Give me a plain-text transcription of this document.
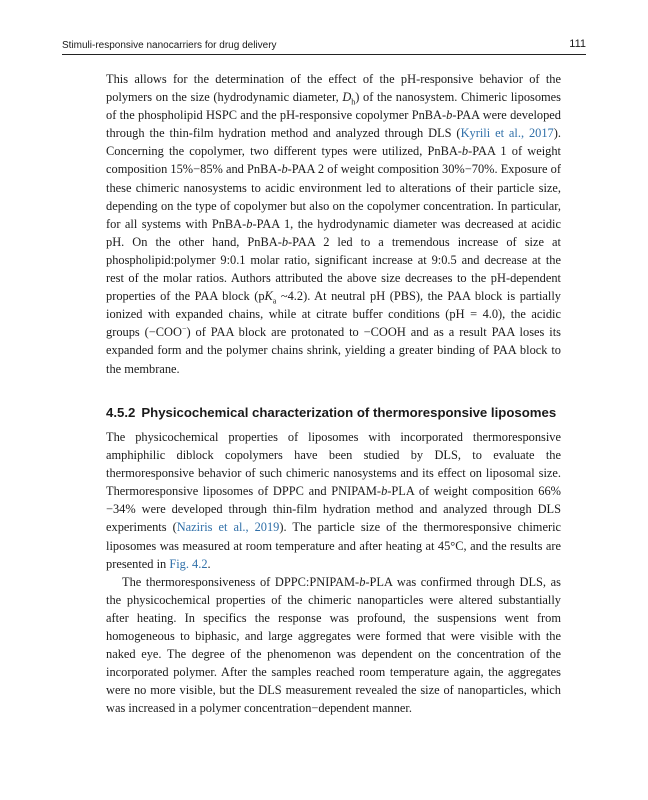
Stimuli-responsive nanocarriers for drug delivery	111

This allows for the determination of the effect of the pH-responsive behavior of the polymers on the size (hydrodynamic diameter, $D_h$) of the nanosystem. Chimeric liposomes of the phospholipid HSPC and the pH-responsive copolymer PnBA-b-PAA were developed through the thin-film hydration method and analyzed through DLS (Kyrili et al., 2017). Concerning the copolymer, two different types were utilized, PnBA-b-PAA 1 of weight composition 15%−85% and PnBA-b-PAA 2 of weight composition 30%−70%. Exposure of these chimeric nanosystems to acidic environment led to alterations of their particle size, depending on the type of copolymer but also on the copolymer concentration. In particular, for all systems with PnBA-b-PAA 1, the hydrodynamic diameter was decreased at acidic pH. On the other hand, PnBA-b-PAA 2 led to a tremendous increase of size at phospholipid:polymer 9:0.1 molar ratio, significant increase at 9:0.5 and decrease at the rest of the molar ratios. Authors attributed the above size decreases to the pH-dependent properties of the PAA block ($pK_a$ ~4.2). At neutral pH (PBS), the PAA block is partially ionized with expanded chains, while at citrate buffer conditions (pH = 4.0), the acidic groups (−COO−) of PAA block are protonated to −COOH and as a result PAA loses its expanded form and the polymer chains shrink, yielding a greater binding of PAA block to the membrane.

4.5.2 Physicochemical characterization of thermoresponsive liposomes

The physicochemical properties of liposomes with incorporated thermoresponsive amphiphilic diblock copolymers have been studied by DLS, to evaluate the thermoresponsive behavior of such chimeric nanosystems and its effect on liposomal size. Thermoresponsive liposomes of DPPC and PNIPAM-b-PLA of weight composition 66%−34% were developed through thin-film hydration method and analyzed through DLS experiments (Naziris et al., 2019). The particle size of the thermoresponsive chimeric liposomes was measured at room temperature and after heating at 45°C, and the results are presented in Fig. 4.2.

The thermoresponsiveness of DPPC:PNIPAM-b-PLA was confirmed through DLS, as the physicochemical properties of the chimeric nanoparticles were altered substantially after heating. In specifics the response was profound, the suspensions went from homogeneous to biphasic, and large aggregates were formed that were visible with the naked eye. The degree of the phenomenon was dependent on the concentration of the incorporated polymer. After the samples reached room temperature again, the aggregates were no more visible, but the DLS measurement revealed the size of nanoparticles, which was increased in a polymer concentration−dependent manner.
